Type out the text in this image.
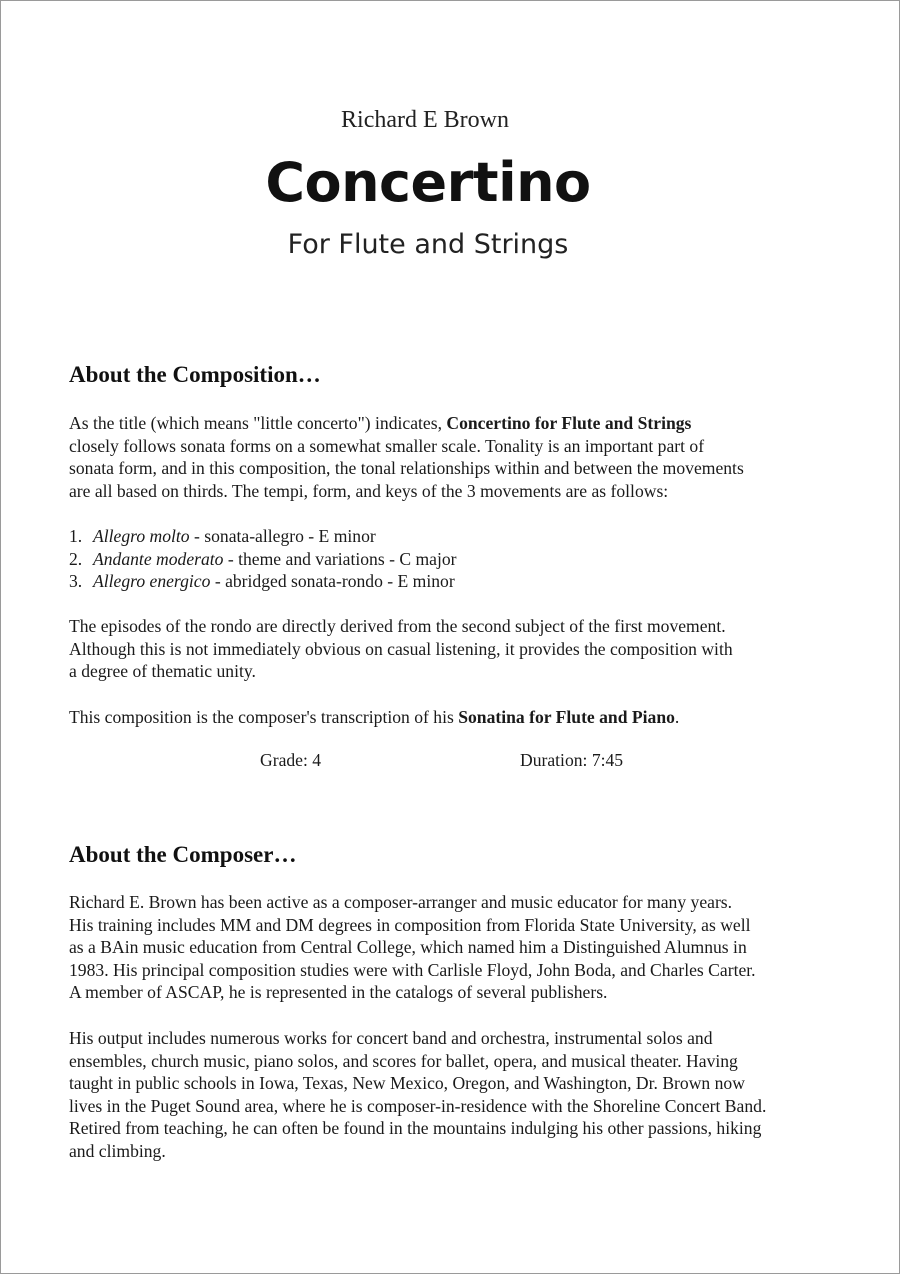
Richard E Brown
Concertino
For Flute and Strings
About the Composition…
As the title (which means "little concerto") indicates, Concertino for Flute and Strings
closely follows sonata forms on a somewhat smaller scale. Tonality is an important part of
sonata form, and in this composition, the tonal relationships within and between the movements
are all based on thirds. The tempi, form, and keys of the 3 movements are as follows:
1. Allegro molto - sonata-allegro - E minor
2. Andante moderato - theme and variations - C major
3. Allegro energico - abridged sonata-rondo - E minor
The episodes of the rondo are directly derived from the second subject of the first movement.
Although this is not immediately obvious on casual listening, it provides the composition with
a degree of thematic unity.
This composition is the composer's transcription of his Sonatina for Flute and Piano.
Grade: 4	Duration: 7:45
About the Composer…
Richard E. Brown has been active as a composer-arranger and music educator for many years.
His training includes MM and DM degrees in composition from Florida State University, as well
as a BAin music education from Central College, which named him a Distinguished Alumnus in
1983. His principal composition studies were with Carlisle Floyd, John Boda, and Charles Carter.
A member of ASCAP, he is represented in the catalogs of several publishers.
His output includes numerous works for concert band and orchestra, instrumental solos and
ensembles, church music, piano solos, and scores for ballet, opera, and musical theater. Having
taught in public schools in Iowa, Texas, New Mexico, Oregon, and Washington, Dr. Brown now
lives in the Puget Sound area, where he is composer-in-residence with the Shoreline Concert Band.
Retired from teaching, he can often be found in the mountains indulging his other passions, hiking
and climbing.
